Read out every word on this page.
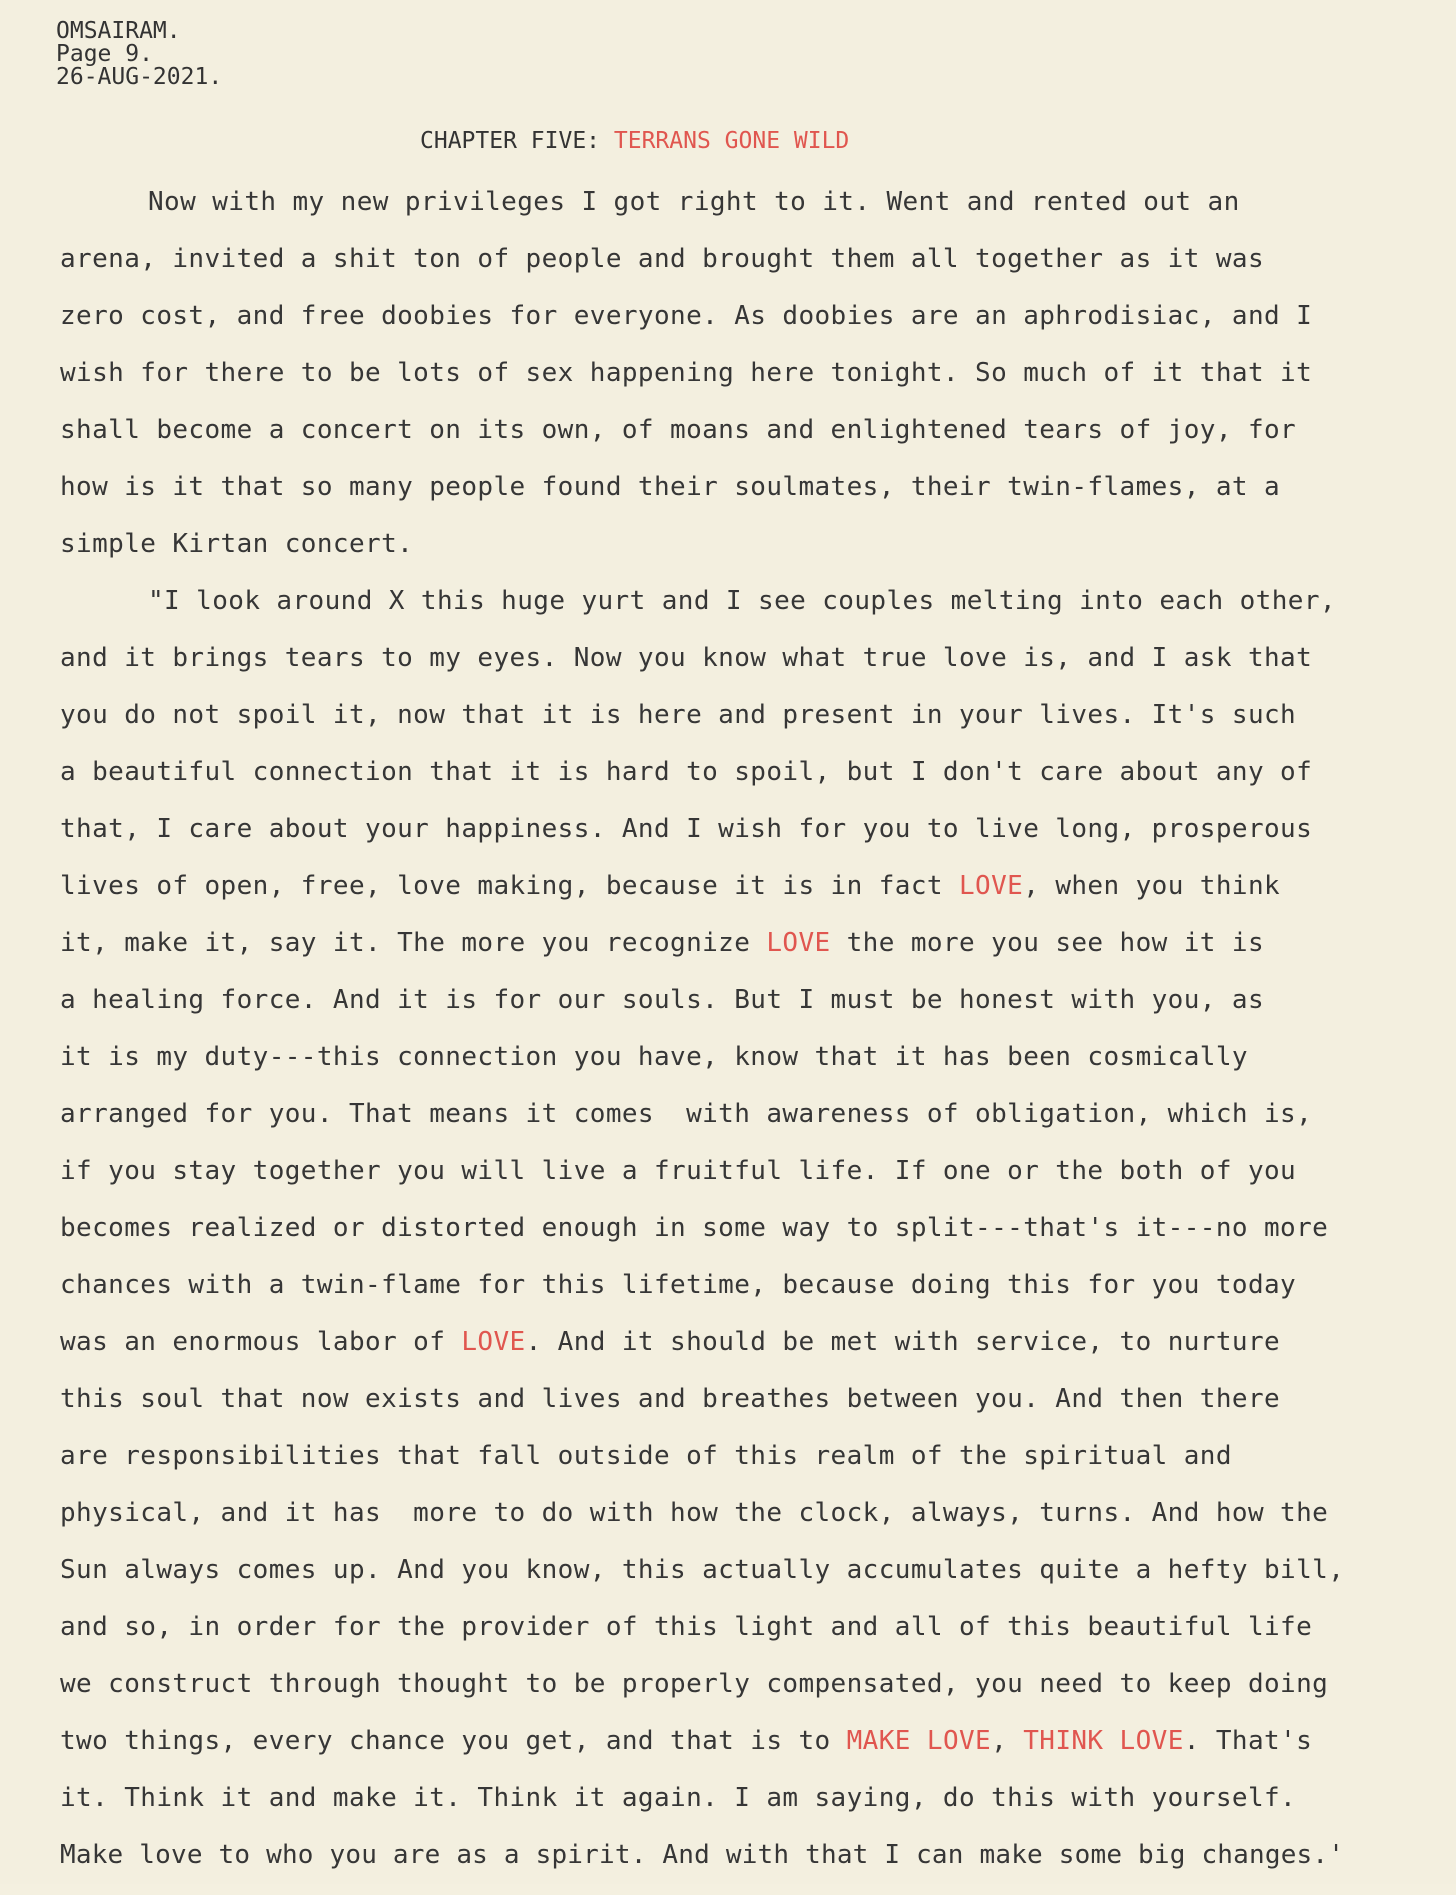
OMSAIRAM.
Page 9.
26-AUG-2021.
CHAPTER FIVE: TERRANS GONE WILD
Now with my new privileges I got right to it. Went and rented out an
arena, invited a shit ton of people and brought them all together as it was
zero cost, and free doobies for everyone. As doobies are an aphrodisiac, and I
wish for there to be lots of sex happening here tonight. So much of it that it
shall become a concert on its own, of moans and enlightened tears of joy, for
how is it that so many people found their soulmates, their twin-flames, at a
simple Kirtan concert.
"I look around X this huge yurt and I see couples melting into each other,
and it brings tears to my eyes. Now you know what true love is, and I ask that
you do not spoil it, now that it is here and present in your lives. It's such
a beautiful connection that it is hard to spoil, but I don't care about any of
that, I care about your happiness. And I wish for you to live long, prosperous
lives of open, free, love making, because it is in fact LOVE, when you think
it, make it, say it. The more you recognize LOVE the more you see how it is
a healing force. And it is for our souls. But I must be honest with you, as
it is my duty---this connection you have, know that it has been cosmically
arranged for you. That means it comes  with awareness of obligation, which is,
if you stay together you will live a fruitful life. If one or the both of you
becomes realized or distorted enough in some way to split---that's it---no more
chances with a twin-flame for this lifetime, because doing this for you today
was an enormous labor of LOVE. And it should be met with service, to nurture
this soul that now exists and lives and breathes between you. And then there
are responsibilities that fall outside of this realm of the spiritual and
physical, and it has  more to do with how the clock, always, turns. And how the
Sun always comes up. And you know, this actually accumulates quite a hefty bill,
and so, in order for the provider of this light and all of this beautiful life
we construct through thought to be properly compensated, you need to keep doing
two things, every chance you get, and that is to MAKE LOVE, THINK LOVE. That's
it. Think it and make it. Think it again. I am saying, do this with yourself.
Make love to who you are as a spirit. And with that I can make some big changes.'
